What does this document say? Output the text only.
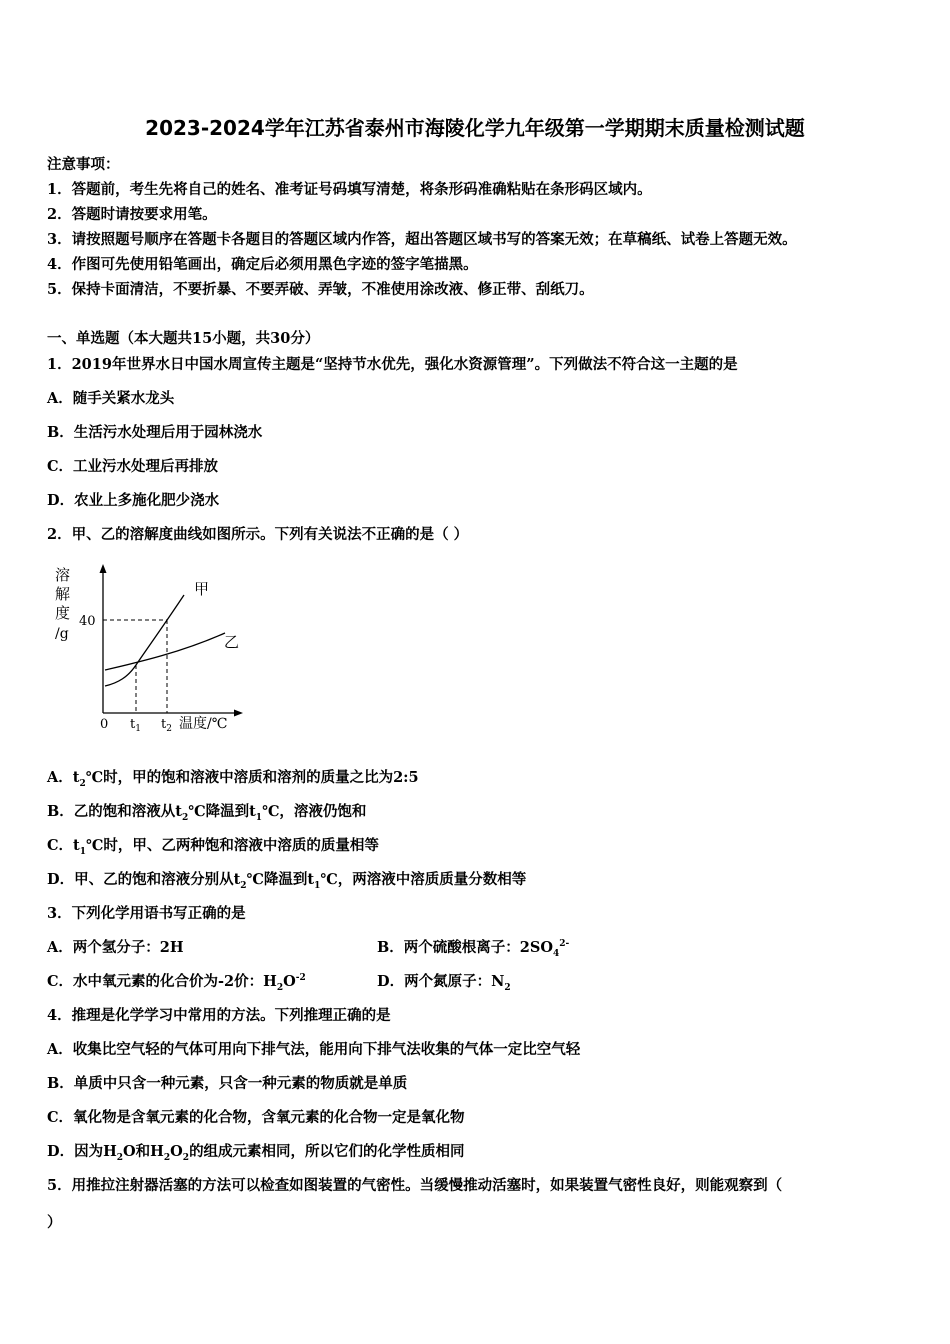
2023-2024学年江苏省泰州市海陵化学九年级第一学期期末质量检测试题
注意事项：
1．答题前，考生先将自己的姓名、准考证号码填写清楚，将条形码准确粘贴在条形码区域内。
2．答题时请按要求用笔。
3．请按照题号顺序在答题卡各题目的答题区域内作答，超出答题区域书写的答案无效；在草稿纸、试卷上答题无效。
4．作图可先使用铅笔画出，确定后必须用黑色字迹的签字笔描黑。
5．保持卡面清洁，不要折暴、不要弄破、弄皱，不准使用涂改液、修正带、刮纸刀。
一、单选题（本大题共15小题，共30分）
1．2019年世界水日中国水周宣传主题是“坚持节水优先，强化水资源管理”。下列做法不符合这一主题的是
A．随手关紧水龙头
B．生活污水处理后用于园林浇水
C．工业污水处理后再排放
D．农业上多施化肥少浇水
2．甲、乙的溶解度曲线如图所示。下列有关说法不正确的是（ ）
溶
解
度
/g
40
甲
乙
0 $t_1$ $t_2$ 温度/℃
A．$t_2℃$时，甲的饱和溶液中溶质和溶剂的质量之比为2:5
B．乙的饱和溶液从$t_2℃$降温到$t_1℃$，溶液仍饱和
C．$t_1℃$时，甲、乙两种饱和溶液中溶质的质量相等
D．甲、乙的饱和溶液分别从$t_2℃$降温到$t_1℃$，两溶液中溶质质量分数相等
3．下列化学用语书写正确的是
A．两个氢分子：2H	B．两个硫酸根离子：$2SO_4^{2-}$
C．水中氧元素的化合价为-2价：$H_2O^{-2}$	D．两个氮原子：$N_2$
4．推理是化学学习中常用的方法。下列推理正确的是
A．收集比空气轻的气体可用向下排气法，能用向下排气法收集的气体一定比空气轻
B．单质中只含一种元素，只含一种元素的物质就是单质
C．氧化物是含氧元素的化合物，含氧元素的化合物一定是氧化物
D．因为$H_2O$和$H_2O_2$的组成元素相同，所以它们的化学性质相同
5．用推拉注射器活塞的方法可以检查如图装置的气密性。当缓慢推动活塞时，如果装置气密性良好，则能观察到（
）
